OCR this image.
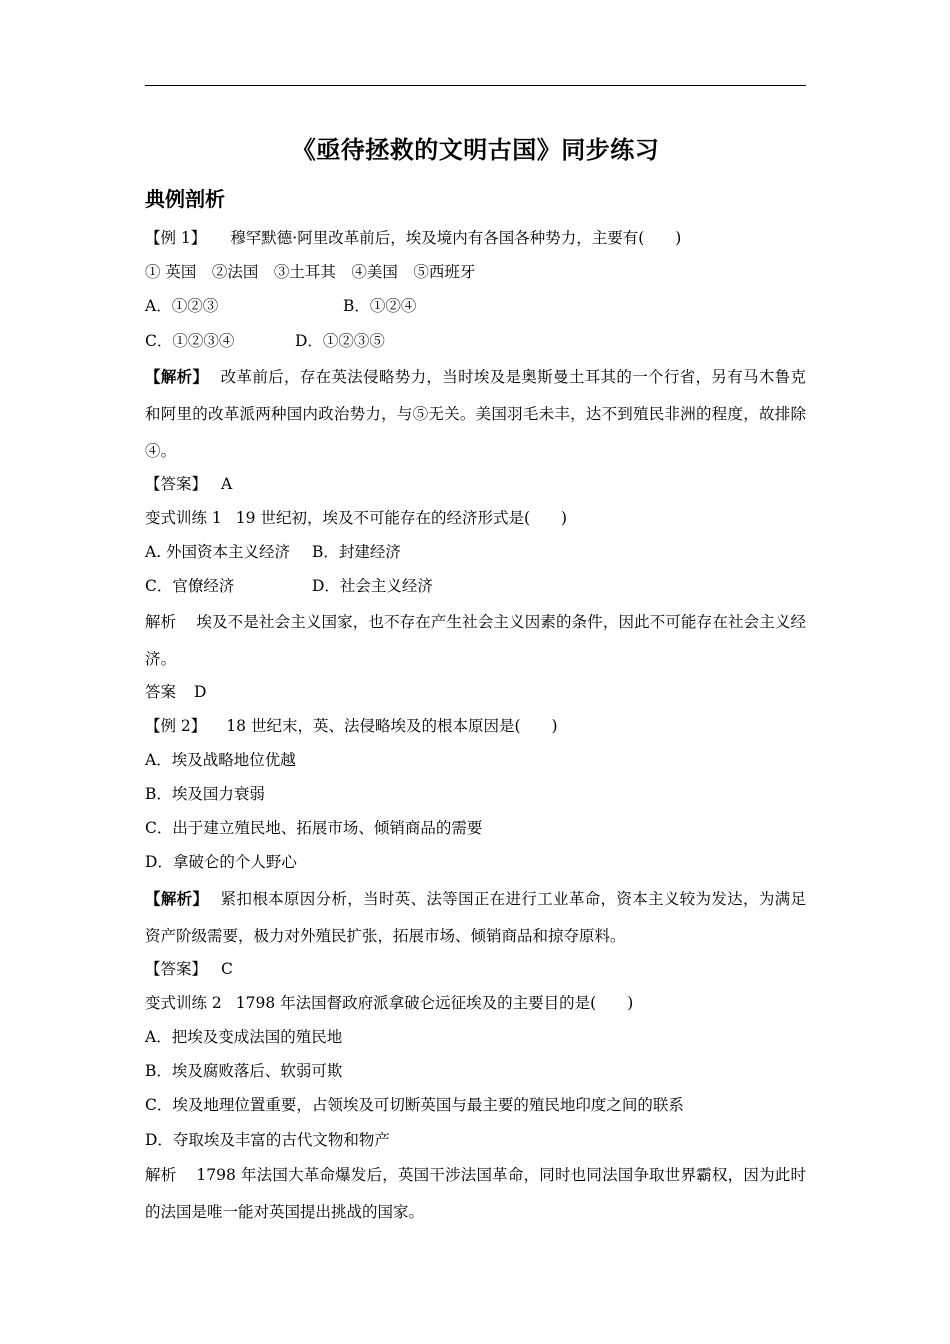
《亟待拯救的文明古国》同步练习
典例剖析
【例 1】 穆罕默德·阿里改革前后，埃及境内有各国各种势力，主要有(　　)
① 英国　②法国　③土耳其　④美国　⑤西班牙
A．①②③	B．①②④
C．①②③④	D．①②③⑤
【解析】 改革前后，存在英法侵略势力，当时埃及是奥斯曼土耳其的一个行省，另有马木鲁克和阿里的改革派两种国内政治势力，与⑤无关。美国羽毛未丰，达不到殖民非洲的程度，故排除④。
【答案】 A
变式训练 1 19 世纪初，埃及不可能存在的经济形式是(　　)
A. 外国资本主义经济 B．封建经济
C．官僚经济	D．社会主义经济
解析 埃及不是社会主义国家，也不存在产生社会主义因素的条件，因此不可能存在社会主义经济。
答案 D
【例 2】 18 世纪末，英、法侵略埃及的根本原因是(　　)
A．埃及战略地位优越
B．埃及国力衰弱
C．出于建立殖民地、拓展市场、倾销商品的需要
D．拿破仑的个人野心
【解析】 紧扣根本原因分析，当时英、法等国正在进行工业革命，资本主义较为发达，为满足资产阶级需要，极力对外殖民扩张，拓展市场、倾销商品和掠夺原料。
【答案】 C
变式训练 2 1798 年法国督政府派拿破仑远征埃及的主要目的是(　　)
A．把埃及变成法国的殖民地
B．埃及腐败落后、软弱可欺
C．埃及地理位置重要，占领埃及可切断英国与最主要的殖民地印度之间的联系
D．夺取埃及丰富的古代文物和物产
解析 1798 年法国大革命爆发后，英国干涉法国革命，同时也同法国争取世界霸权，因为此时的法国是唯一能对英国提出挑战的国家。
